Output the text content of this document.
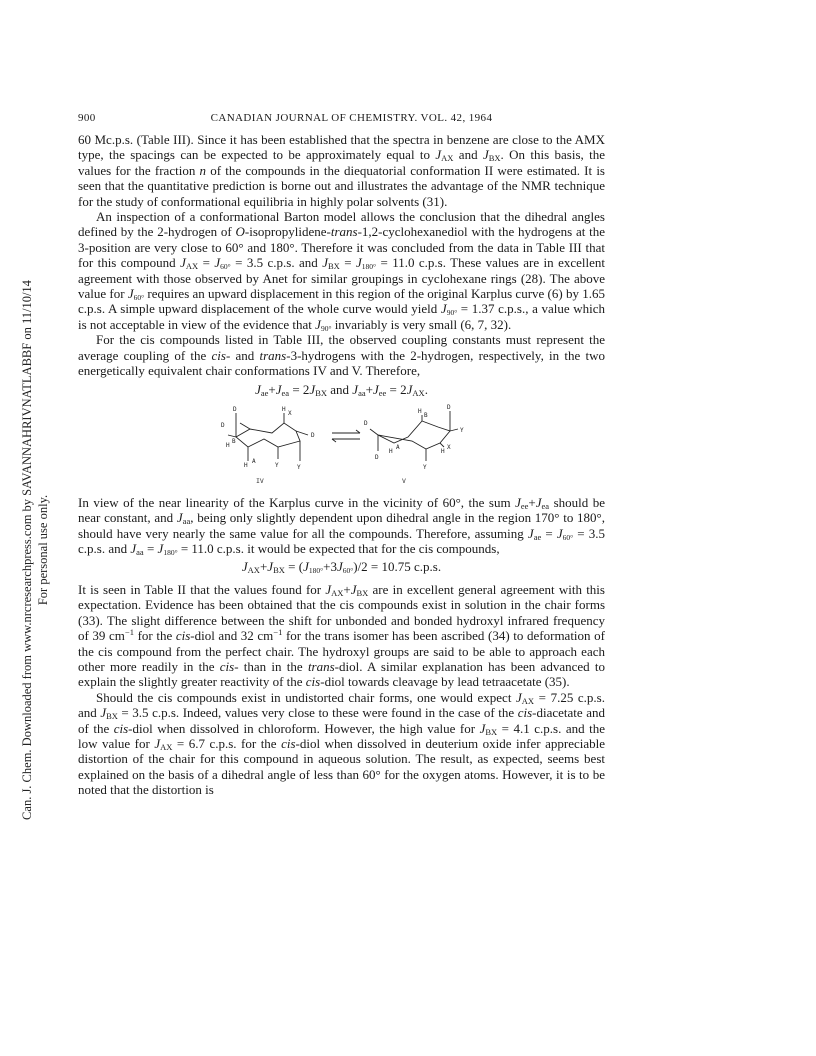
Can. J. Chem. Downloaded from www.nrcresearchpress.com by SAVANNAHRIVNATLABBF on 11/10/14 For personal use only.
900	CANADIAN JOURNAL OF CHEMISTRY. VOL. 42, 1964

60 Mc.p.s. (Table III). Since it has been established that the spectra in benzene are close to the AMX type, the spacings can be expected to be approximately equal to $J_{AX}$ and $J_{BX}$. On this basis, the values for the fraction n of the compounds in the diequatorial conformation II were estimated. It is seen that the quantitative prediction is borne out and illustrates the advantage of the NMR technique for the study of conformational equilibria in highly polar solvents (31).

An inspection of a conformational Barton model allows the conclusion that the dihedral angles defined by the 2-hydrogen of O-isopropylidene-trans-1,2-cyclohexanediol with the hydrogens at the 3-position are very close to 60° and 180°. Therefore it was concluded from the data in Table III that for this compound $J_{AX} = J_{60^\circ} = 3.5$ c.p.s. and $J_{BX} = J_{180^\circ} = 11.0$ c.p.s. These values are in excellent agreement with those observed by Anet for similar groupings in cyclohexane rings (28). The above value for $J_{60^\circ}$ requires an upward displacement in this region of the original Karplus curve (6) by 1.65 c.p.s. A simple upward displacement of the whole curve would yield $J_{90^\circ} = 1.37$ c.p.s., a value which is not acceptable in view of the evidence that $J_{90^\circ}$ invariably is very small (6, 7, 32).

For the cis compounds listed in Table III, the observed coupling constants must represent the average coupling of the cis- and trans-3-hydrogens with the 2-hydrogen, respectively, in the two energetically equivalent chair conformations IV and V. Therefore,

$J_{ae}+J_{ea} = 2J_{BX}$ and $J_{aa}+J_{ee} = 2J_{AX}$.
D
D
H
B
H
X
D
H
A
Y	Y
IV
D
D
H
A
H
B
D
Y
H
X
Y
V

In view of the near linearity of the Karplus curve in the vicinity of 60°, the sum $J_{ee}+J_{ea}$ should be near constant, and $J_{aa}$, being only slightly dependent upon dihedral angle in the region 170° to 180°, should have very nearly the same value for all the compounds. Therefore, assuming $J_{ae} = J_{60^\circ} = 3.5$ c.p.s. and $J_{aa} = J_{180^\circ} = 11.0$ c.p.s. it would be expected that for the cis compounds,

$J_{AX}+J_{BX} = (J_{180^\circ}+3J_{60^\circ})/2 = 10.75$ c.p.s.

It is seen in Table II that the values found for $J_{AX}+J_{BX}$ are in excellent general agreement with this expectation. Evidence has been obtained that the cis compounds exist in solution in the chair forms (33). The slight difference between the shift for unbonded and bonded hydroxyl infrared frequency of 39 $cm^{-1}$ for the cis-diol and 32 $cm^{-1}$ for the trans isomer has been ascribed (34) to deformation of the cis compound from the perfect chair. The hydroxyl groups are said to be able to approach each other more readily in the cis- than in the trans-diol. A similar explanation has been advanced to explain the slightly greater reactivity of the cis-diol towards cleavage by lead tetraacetate (35).

Should the cis compounds exist in undistorted chair forms, one would expect $J_{AX} = 7.25$ c.p.s. and $J_{BX} = 3.5$ c.p.s. Indeed, values very close to these were found in the case of the cis-diacetate and of the cis-diol when dissolved in chloroform. However, the high value for $J_{BX} = 4.1$ c.p.s. and the low value for $J_{AX} = 6.7$ c.p.s. for the cis-diol when dissolved in deuterium oxide infer appreciable distortion of the chair for this compound in aqueous solution. The result, as expected, seems best explained on the basis of a dihedral angle of less than 60° for the oxygen atoms. However, it is to be noted that the distortion is
